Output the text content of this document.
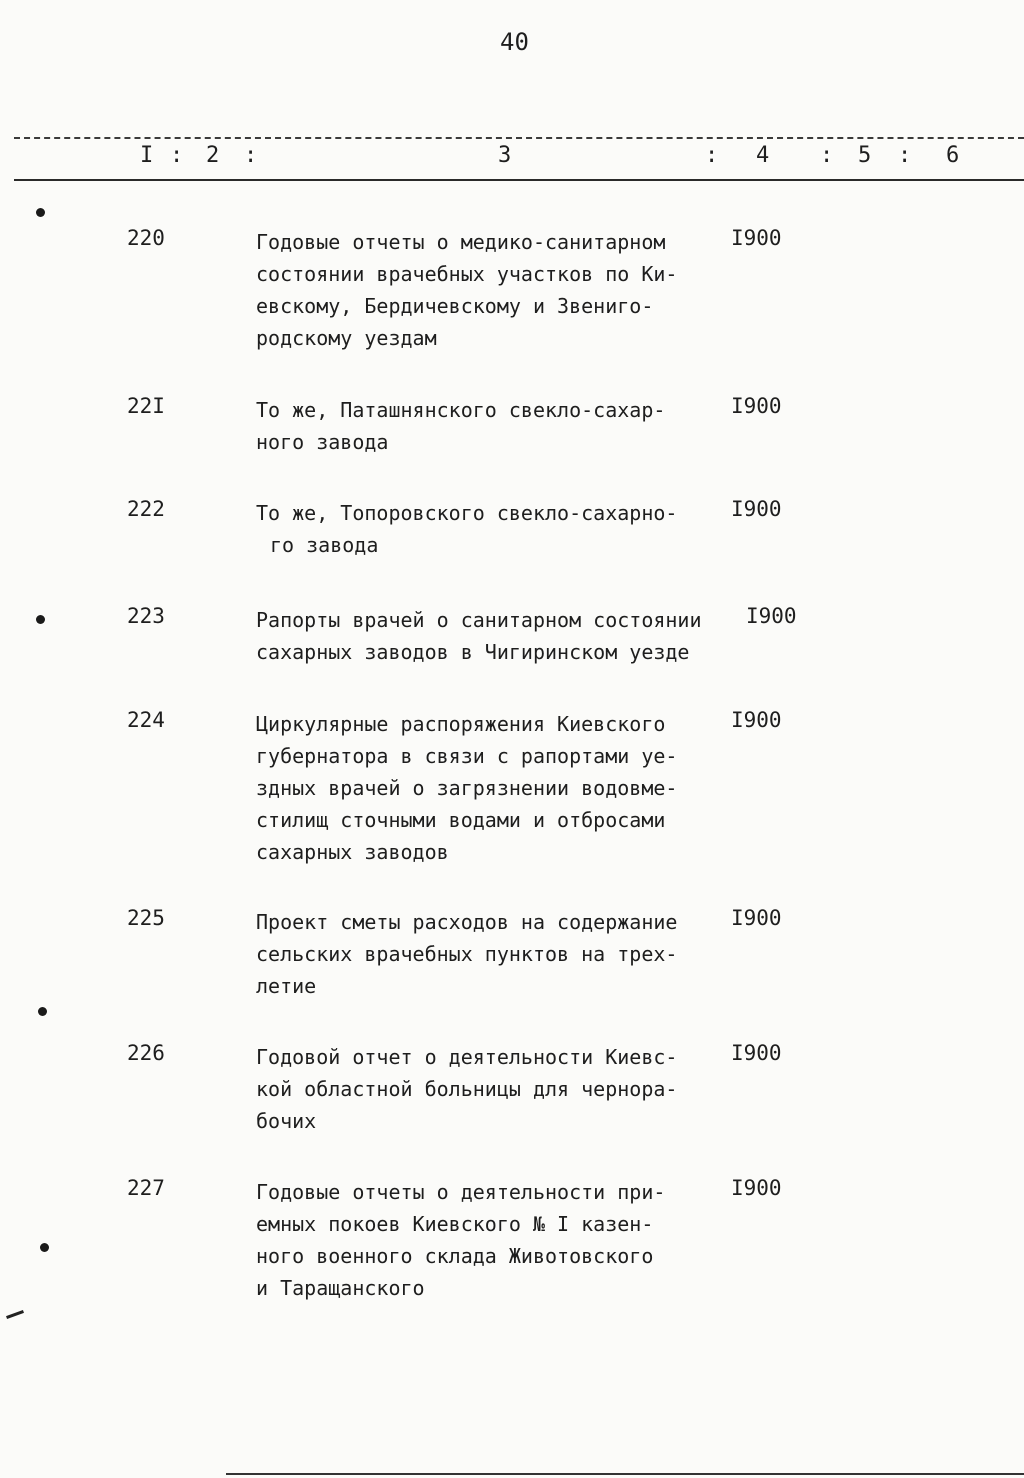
40
I 2	3	4	5	6
:	:	:	:	:
220	Годовые отчеты о медико-санитарном
состоянии врачебных участков по Ки-
евскому, Бердичевскому и Звениго-
родскому уездам
I900
22I	То же, Паташнянского свекло-сахар-
ного завода
I900
222	То же, Топоровского свекло-сахарно-
го завода
I900
223	Рапорты врачей о санитарном состоянии
сахарных заводов в Чигиринском уезде
I900
224	Циркулярные распоряжения Киевского
губернатора в связи с рапортами уе-
здных врачей о загрязнении водовме-
стилищ сточными водами и отбросами
сахарных заводов
I900
225	Проект сметы расходов на содержание
сельских врачебных пунктов на трех-
летие
I900
226	Годовой отчет о деятельности Киевс-
кой областной больницы для чернора-
бочих
I900
227	Годовые отчеты о деятельности при-
емных покоев Киевского № I казен-
ного военного склада Животовского
и Таращанского
I900
